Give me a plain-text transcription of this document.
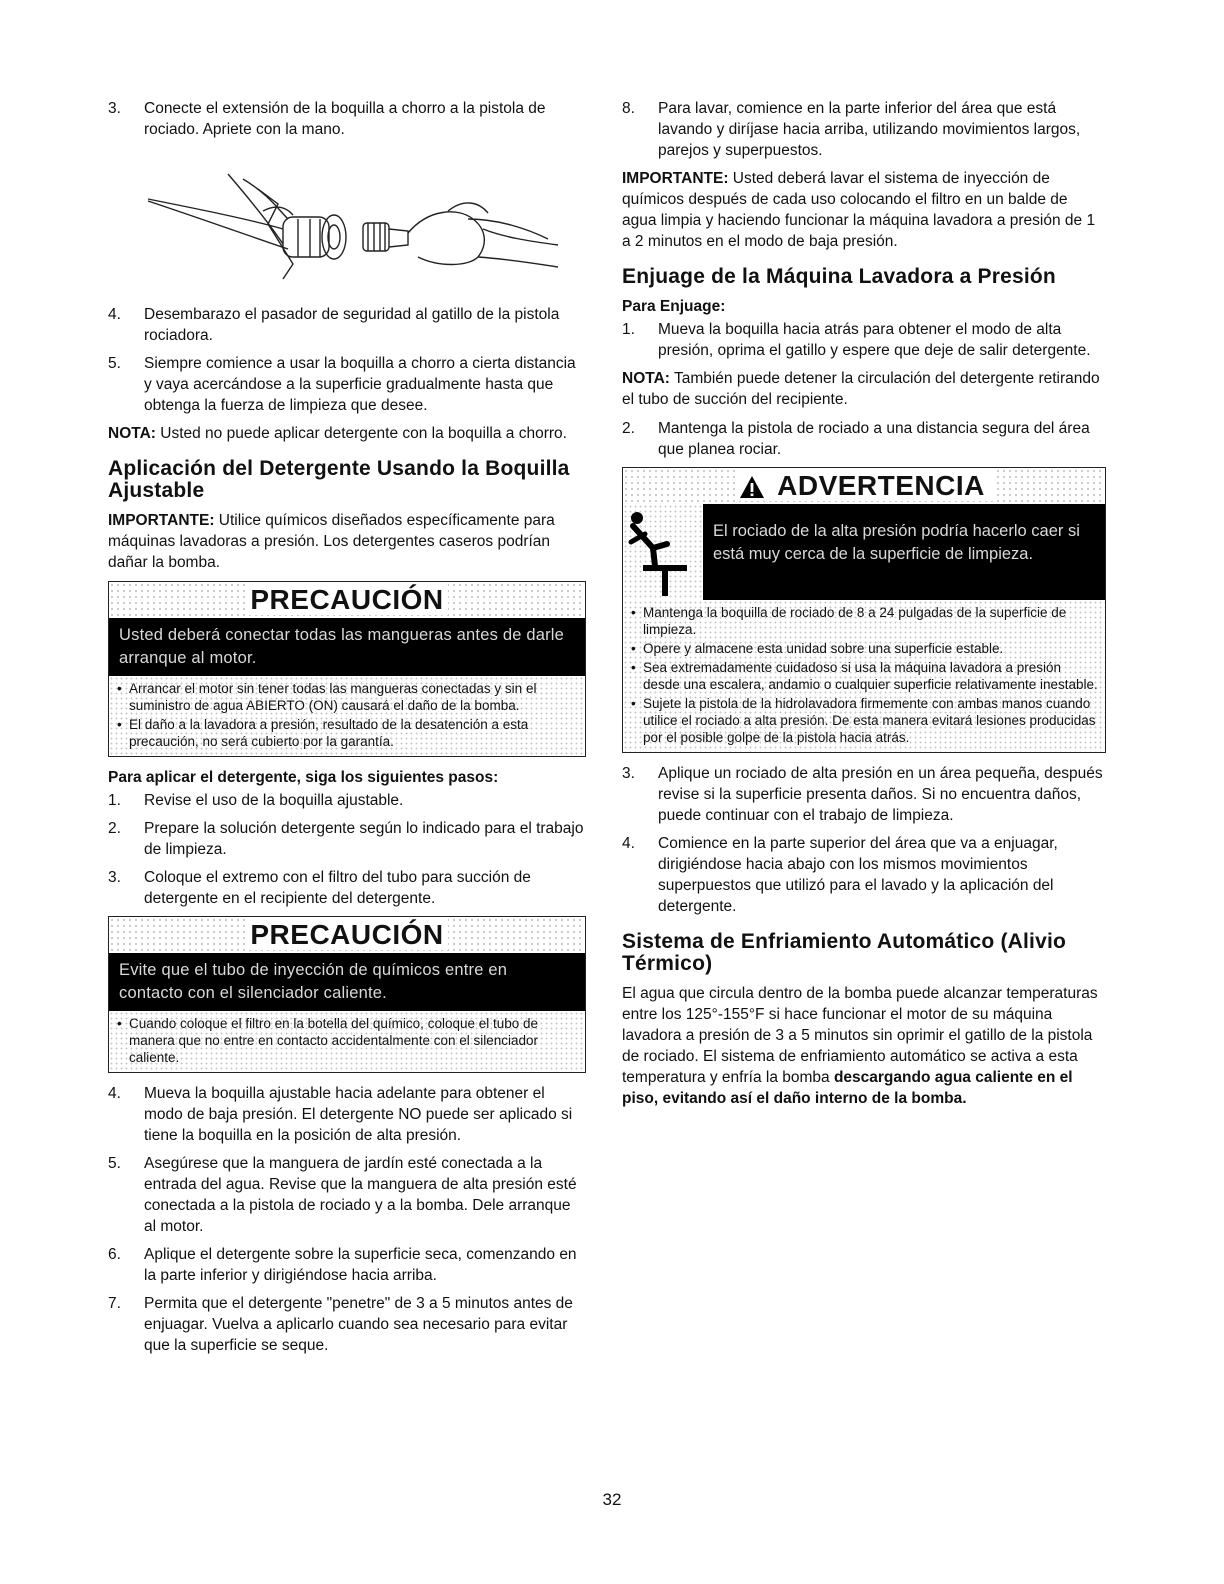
3.	Conecte el extensión de la boquilla a chorro a la pistola de rociado. Apriete con la mano.
4.	Desembarazo el pasador de seguridad al gatillo de la pistola rociadora.
5.	Siempre comience a usar la boquilla a chorro a cierta distancia y vaya acercándose a la superficie gradualmente hasta que obtenga la fuerza de limpieza que desee.

NOTA: Usted no puede aplicar detergente con la boquilla a chorro.

Aplicación del Detergente Usando la Boquilla Ajustable

IMPORTANTE: Utilice químicos diseñados específicamente para máquinas lavadoras a presión. Los detergentes caseros podrían dañar la bomba.

PRECAUCIÓN
Usted deberá conectar todas las mangueras antes de darle arranque al motor.
• Arrancar el motor sin tener todas las mangueras conectadas y sin el suministro de agua ABIERTO (ON) causará el daño de la bomba.
• El daño a la lavadora a presión, resultado de la desatención a esta precaución, no será cubierto por la garantía.
Para aplicar el detergente, siga los siguientes pasos:
1.	Revise el uso de la boquilla ajustable.
2.	Prepare la solución detergente según lo indicado para el trabajo de limpieza.
3.	Coloque el extremo con el filtro del tubo para succión de detergente en el recipiente del detergente.
PRECAUCIÓN
Evite que el tubo de inyección de químicos entre en contacto con el silenciador caliente.
• Cuando coloque el filtro en la botella del químico, coloque el tubo de manera que no entre en contacto accidentalmente con el silenciador caliente.
4.	Mueva la boquilla ajustable hacia adelante para obtener el modo de baja presión. El detergente NO puede ser aplicado si tiene la boquilla en la posición de alta presión.
5.	Asegúrese que la manguera de jardín esté conectada a la entrada del agua. Revise que la manguera de alta presión esté conectada a la pistola de rociado y a la bomba. Dele arranque al motor.
6.	Aplique el detergente sobre la superficie seca, comenzando en la parte inferior y dirigiéndose hacia arriba.
7.	Permita que el detergente "penetre" de 3 a 5 minutos antes de enjuagar. Vuelva a aplicarlo cuando sea necesario para evitar que la superficie se seque.
8.	Para lavar, comience en la parte inferior del área que está lavando y diríjase hacia arriba, utilizando movimientos largos, parejos y superpuestos.

IMPORTANTE: Usted deberá lavar el sistema de inyección de químicos después de cada uso colocando el filtro en un balde de agua limpia y haciendo funcionar la máquina lavadora a presión de 1 a 2 minutos en el modo de baja presión.

Enjuage de la Máquina Lavadora a Presión
Para Enjuage:
1.	Mueva la boquilla hacia atrás para obtener el modo de alta presión, oprima el gatillo y espere que deje de salir detergente.

NOTA: También puede detener la circulación del detergente retirando el tubo de succión del recipiente.

2.	Mantenga la pistola de rociado a una distancia segura del área que planea rociar.
ADVERTENCIA
El rociado de la alta presión podría hacerlo caer si está muy cerca de la superficie de limpieza.
• Mantenga la boquilla de rociado de 8 a 24 pulgadas de la superficie de limpieza.
• Opere y almacene esta unidad sobre una superficie estable.
• Sea extremadamente cuidadoso si usa la máquina lavadora a presión desde una escalera, andamio o cualquier superficie relativamente inestable.
• Sujete la pistola de la hidrolavadora firmemente con ambas manos cuando utilice el rociado a alta presión. De esta manera evitará lesiones producidas por el posible golpe de la pistola hacia atrás.
3.	Aplique un rociado de alta presión en un área pequeña, después revise si la superficie presenta daños. Si no encuentra daños, puede continuar con el trabajo de limpieza.
4.	Comience en la parte superior del área que va a enjuagar, dirigiéndose hacia abajo con los mismos movimientos superpuestos que utilizó para el lavado y la aplicación del detergente.
Sistema de Enfriamiento Automático (Alivio Térmico)

El agua que circula dentro de la bomba puede alcanzar temperaturas entre los 125°-155°F si hace funcionar el motor de su máquina lavadora a presión de 3 a 5 minutos sin oprimir el gatillo de la pistola de rociado. El sistema de enfriamiento automático se activa a esta temperatura y enfría la bomba descargando agua caliente en el piso, evitando así el daño interno de la bomba.

32
